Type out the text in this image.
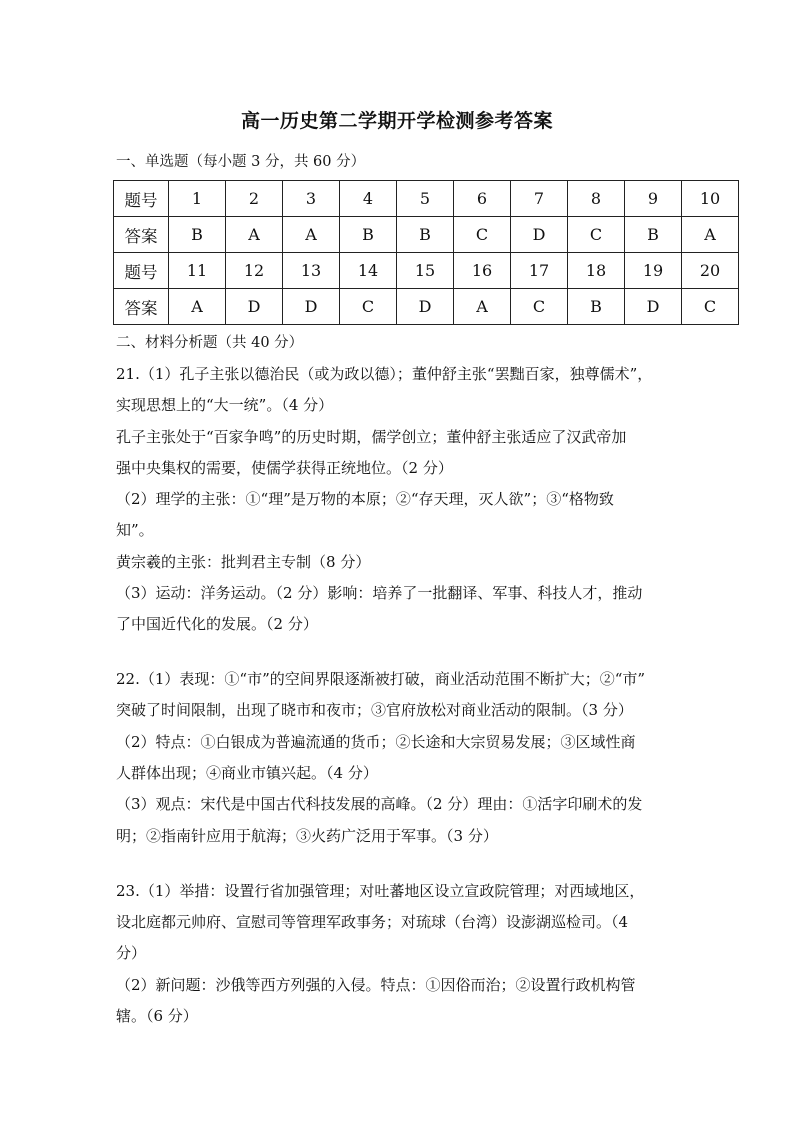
高一历史第二学期开学检测参考答案
一、单选题（每小题 3 分，共 60 分）
题号	1	2	3	4	5	6	7	8	9	10
答案	B	A	A	B	B	C	D	C	B	A
题号	11	12	13	14	15	16	17	18	19	20
答案	A	D	D	C	D	A	C	B	D	C
二、材料分析题（共 40 分）
21.（1）孔子主张以德治民（或为政以德）；董仲舒主张“罢黜百家，独尊儒术”，
实现思想上的“大一统”。（4 分）
孔子主张处于“百家争鸣”的历史时期，儒学创立；董仲舒主张适应了汉武帝加
强中央集权的需要，使儒学获得正统地位。（2 分）
（2）理学的主张：①“理”是万物的本原；②“存天理，灭人欲”；③“格物致
知”。
黄宗羲的主张：批判君主专制（8 分）
（3）运动：洋务运动。（2 分）影响：培养了一批翻译、军事、科技人才，推动
了中国近代化的发展。（2 分）
22.（1）表现：①“市”的空间界限逐渐被打破，商业活动范围不断扩大；②“市”
突破了时间限制，出现了晓市和夜市；③官府放松对商业活动的限制。（3 分）
（2）特点：①白银成为普遍流通的货币；②长途和大宗贸易发展；③区域性商
人群体出现；④商业市镇兴起。（4 分）
（3）观点：宋代是中国古代科技发展的高峰。（2 分）理由：①活字印刷术的发
明；②指南针应用于航海；③火药广泛用于军事。（3 分）
23.（1）举措：设置行省加强管理；对吐蕃地区设立宣政院管理；对西域地区，
设北庭都元帅府、宣慰司等管理军政事务；对琉球（台湾）设澎湖巡检司。（4
分）
（2）新问题：沙俄等西方列强的入侵。特点：①因俗而治；②设置行政机构管
辖。（6 分）
